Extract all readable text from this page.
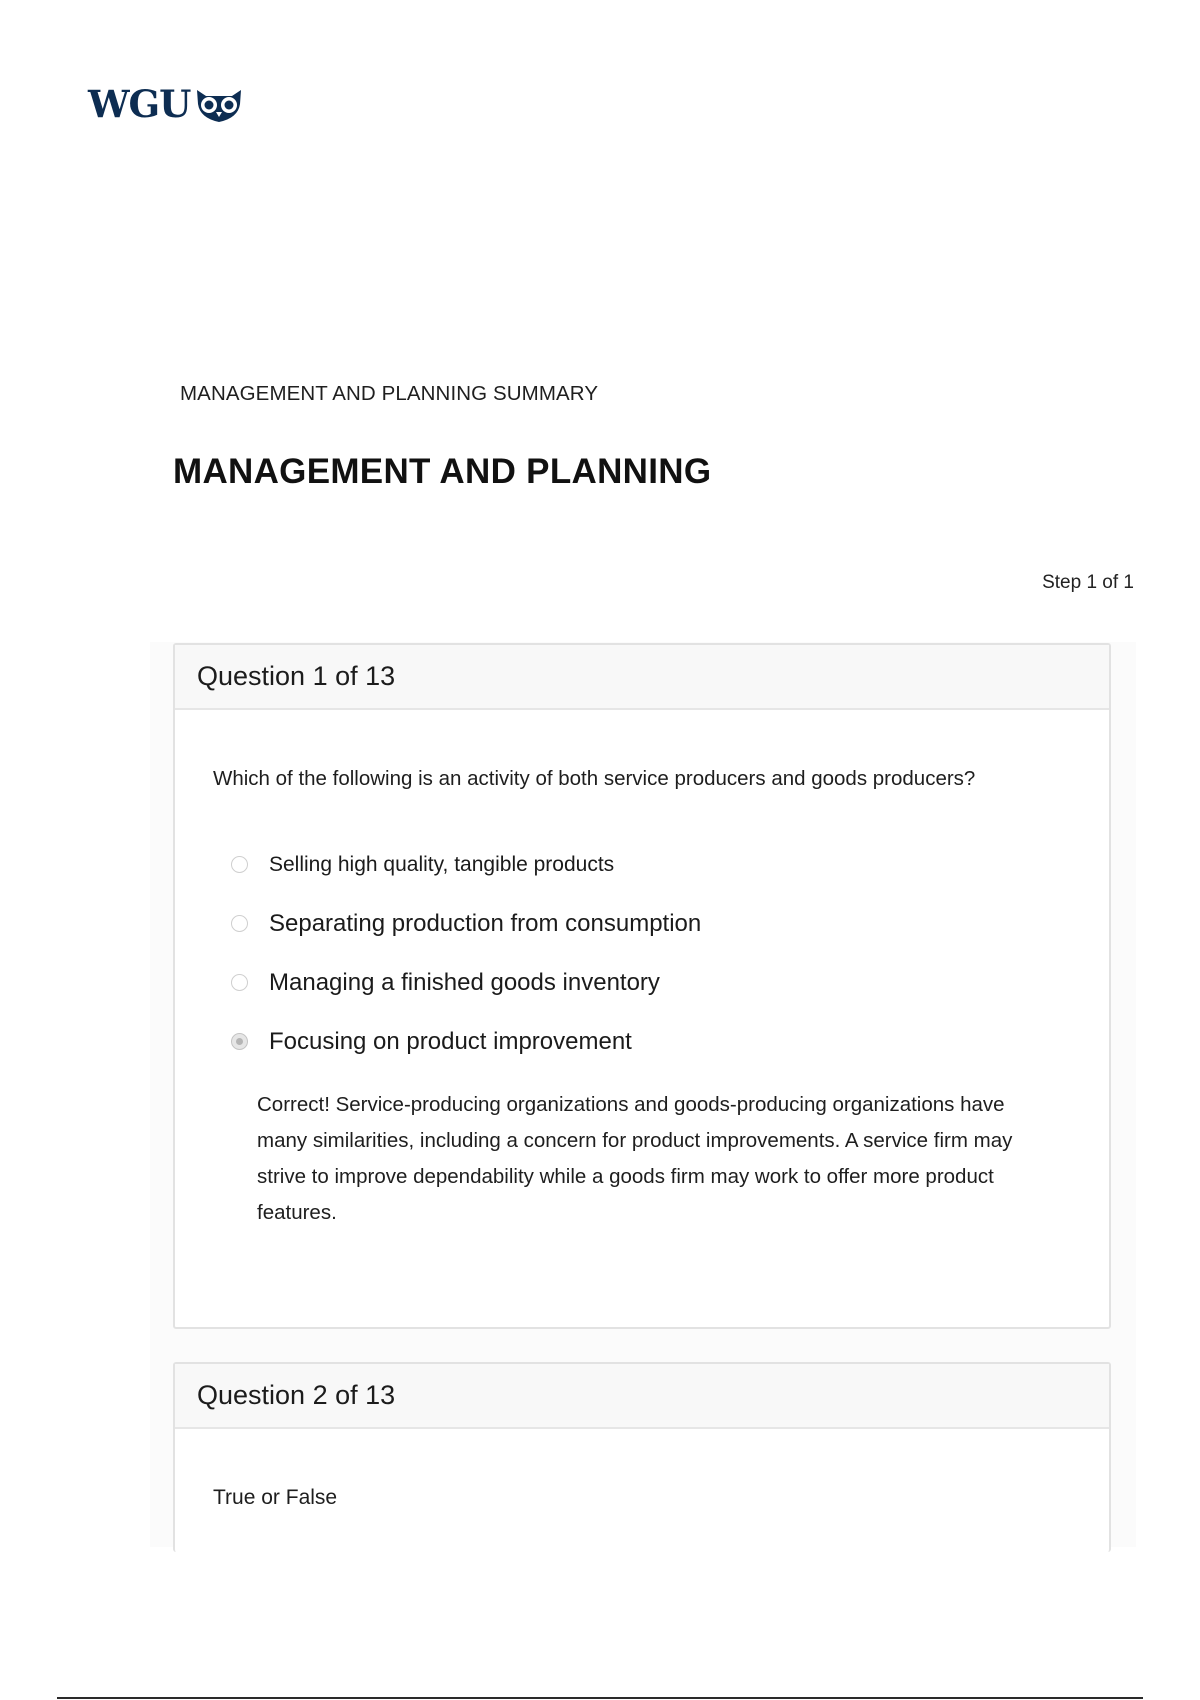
WGU
MANAGEMENT AND PLANNING SUMMARY
MANAGEMENT AND PLANNING
Step 1 of 1
Question 1 of 13
Which of the following is an activity of both service producers and goods producers?
Selling high quality, tangible products
Separating production from consumption
Managing a finished goods inventory
Focusing on product improvement
Correct! Service-producing organizations and goods-producing organizations have many similarities, including a concern for product improvements. A service firm may strive to improve dependability while a goods firm may work to offer more product features.
Question 2 of 13
True or False
